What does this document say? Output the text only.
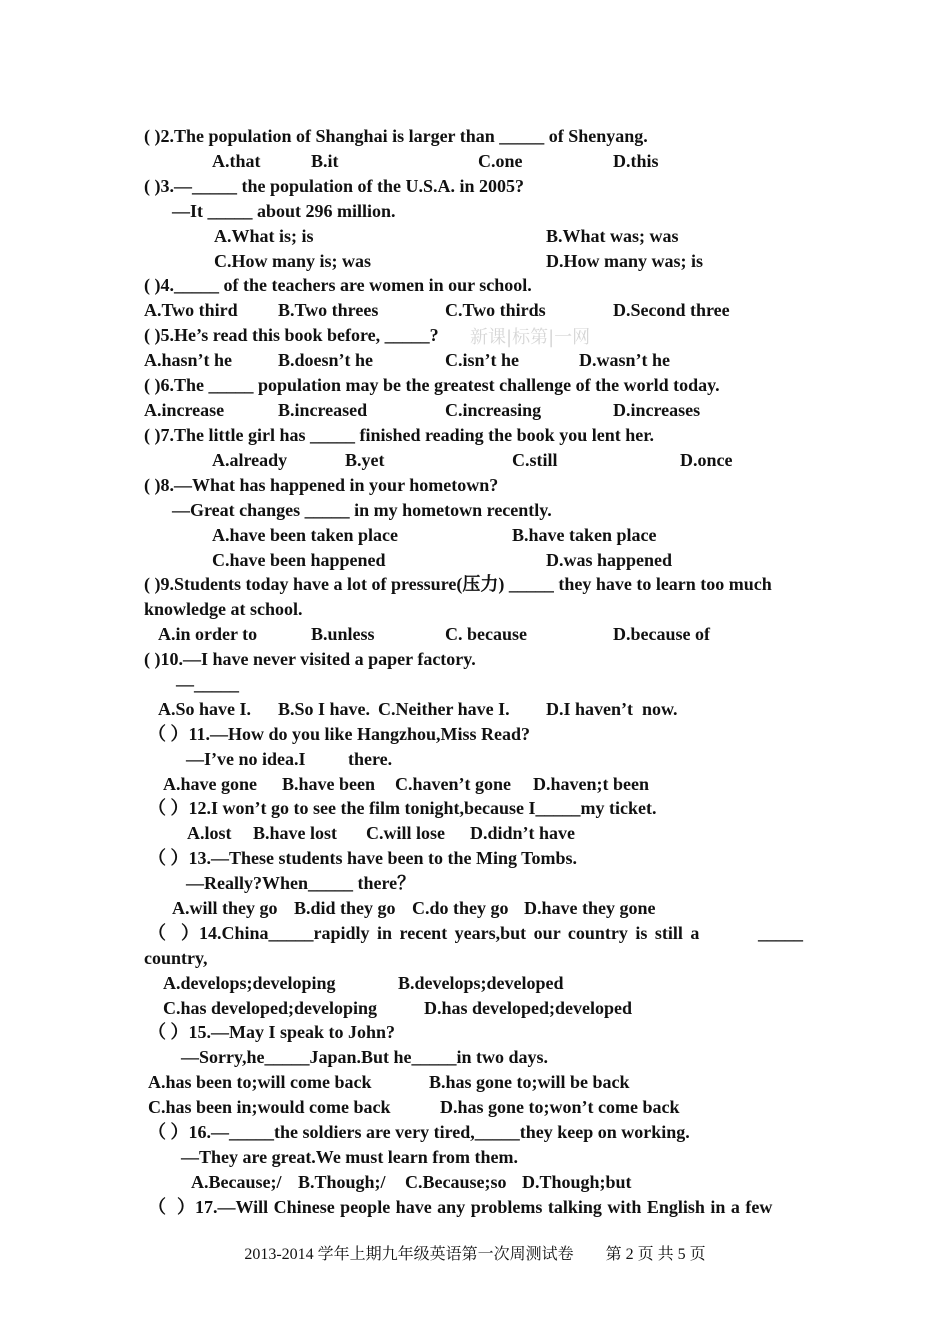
( )2.The population of Shanghai is larger than _____ of Shenyang.

A.that

	B.it

	C.one

	D.this

( )3.—_____ the population of the U.S.A. in 2005?

—It _____ about 296 million.

A.What is; is

	B.What was; was

C.How many is; was

	D.How many was; is

( )4._____ of the teachers are women in our school.

A.Two third

B.Two threes

	C.Two thirds

	D.Second three

( )5.He’s read this book before, _____?

新课|标第|一网

A.hasn’t he

	B.doesn’t he

	C.isn’t he

	D.wasn’t he

( )6.The _____ population may be the greatest challenge of the world today.

A.increase

	B.increased

	C.increasing

	D.increases

( )7.The little girl has _____ finished reading the book you lent her.

A.already

	B.yet

	C.still

	D.once

( )8.—What has happened in your hometown?

—Great changes _____ in my hometown recently.

A.have been taken place

	B.have taken place

C.have been happened

	D.was happened

( )9.Students today have a lot of pressure(压力) _____ they have to learn too much

knowledge at school.

A.in order to

	B.unless

	C. because

	D.because of

( )10.—I have never visited a paper factory.

—_____

A.So have I.

B.So I have.

C.Neither have I.

D.I haven’t  now.

（ ）11.—How do you like Hangzhou,Miss Read?

—I’ve no idea.I

there.

A.have gone

B.have been

C.haven’t gone

D.haven;t been

（ ）12.I won’t go to see the film tonight,because I_____my ticket.

A.lost

B.have lost

C.will lose

D.didn’t have

（ ）13.—These students have been to the Ming Tombs.

—Really?When_____ there？

A.will they go

B.did they go

C.do they go

D.have they gone

（  ）14.China_____rapidly in recent years,but our country is still a

	_____

country,

A.develops;developing

	B.develops;developed

C.has developed;developing

	D.has developed;developed

（ ）15.—May I speak to John?

—Sorry,he_____Japan.But he_____in two days.

A.has been to;will come back

	B.has gone to;will be back

C.has been in;would come back

	D.has gone to;won’t come back

（ ）16.—_____the soldiers are very tired,_____they keep on working.

—They are great.We must learn from them.

A.Because;/

B.Though;/

C.Because;so

D.Though;but

（  ）17.—Will Chinese people have any problems talking with English in a few

2013-2014 学年上期九年级英语第一次周测试卷 第 2 页 共 5 页
